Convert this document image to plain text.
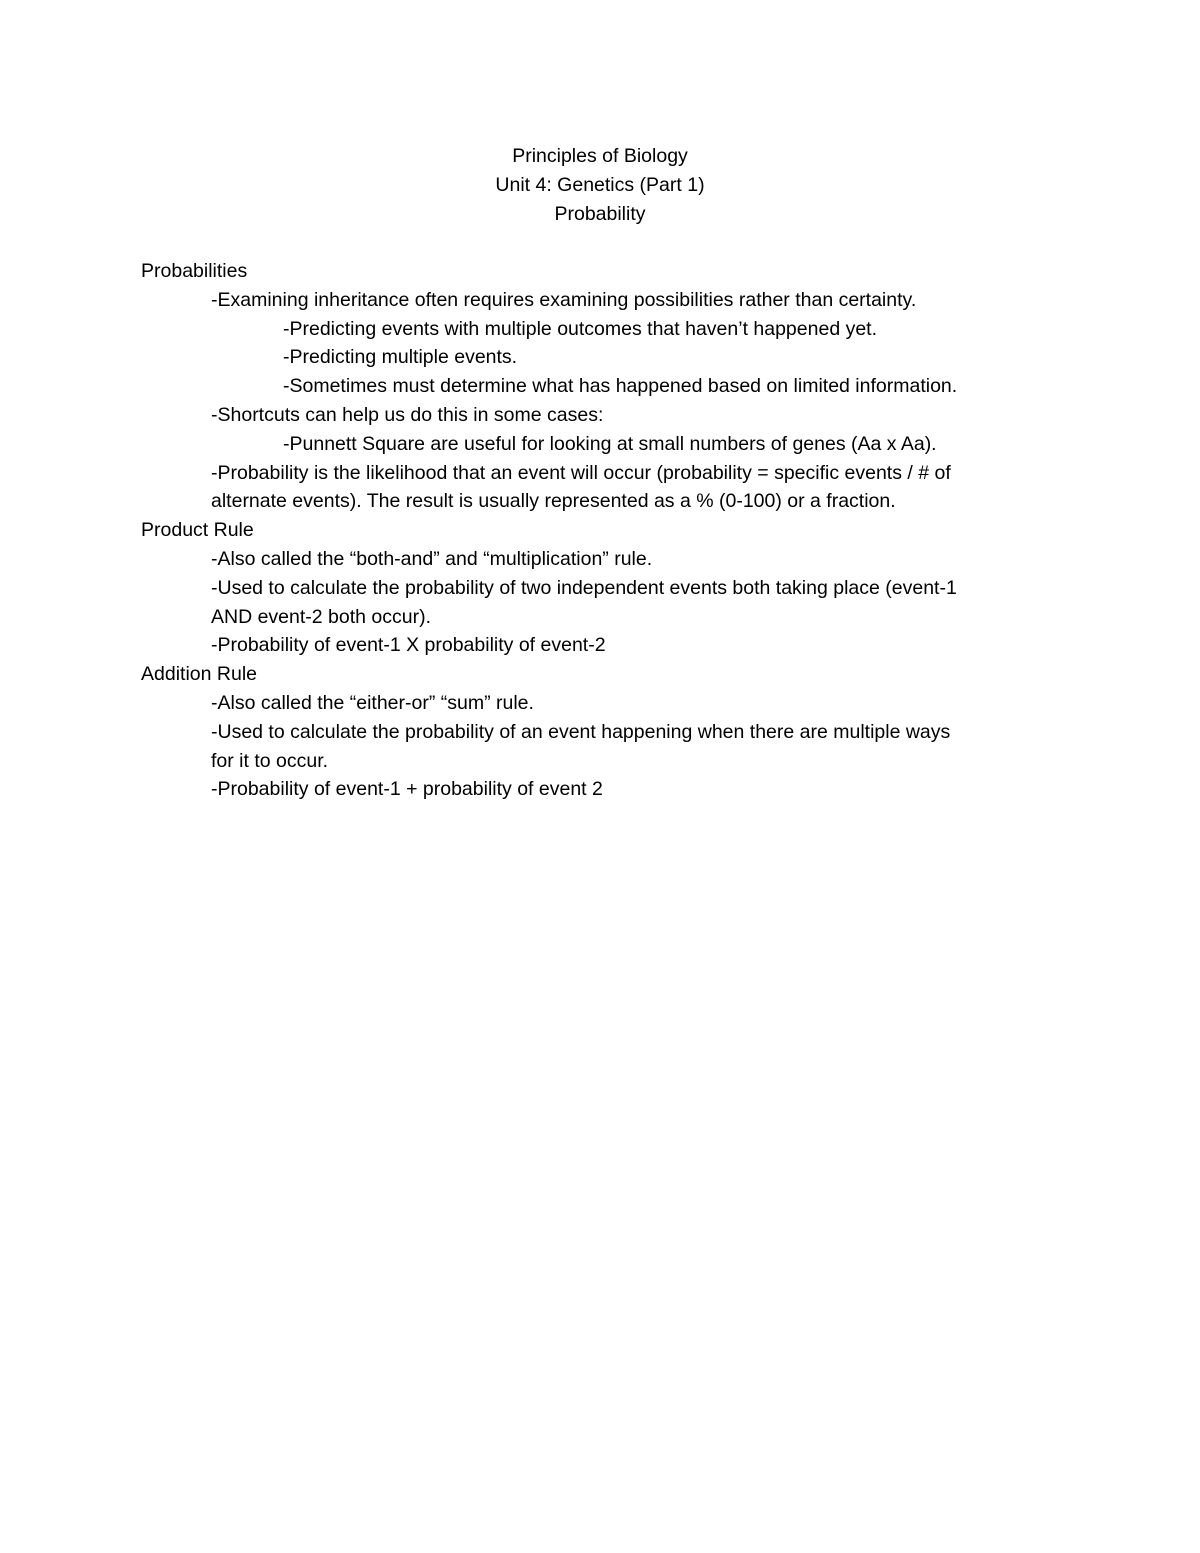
Principles of Biology
Unit 4: Genetics (Part 1)
Probability
Probabilities
-Examining inheritance often requires examining possibilities rather than certainty.
-Predicting events with multiple outcomes that haven’t happened yet.
-Predicting multiple events.
-Sometimes must determine what has happened based on limited information.
-Shortcuts can help us do this in some cases:
-Punnett Square are useful for looking at small numbers of genes (Aa x Aa).
-Probability is the likelihood that an event will occur (probability = specific events / # of
alternate events). The result is usually represented as a % (0-100) or a fraction.
Product Rule
-Also called the “both-and” and “multiplication” rule.
-Used to calculate the probability of two independent events both taking place (event-1
AND event-2 both occur).
-Probability of event-1 X probability of event-2
Addition Rule
-Also called the “either-or” “sum” rule.
-Used to calculate the probability of an event happening when there are multiple ways
for it to occur.
-Probability of event-1 + probability of event 2
